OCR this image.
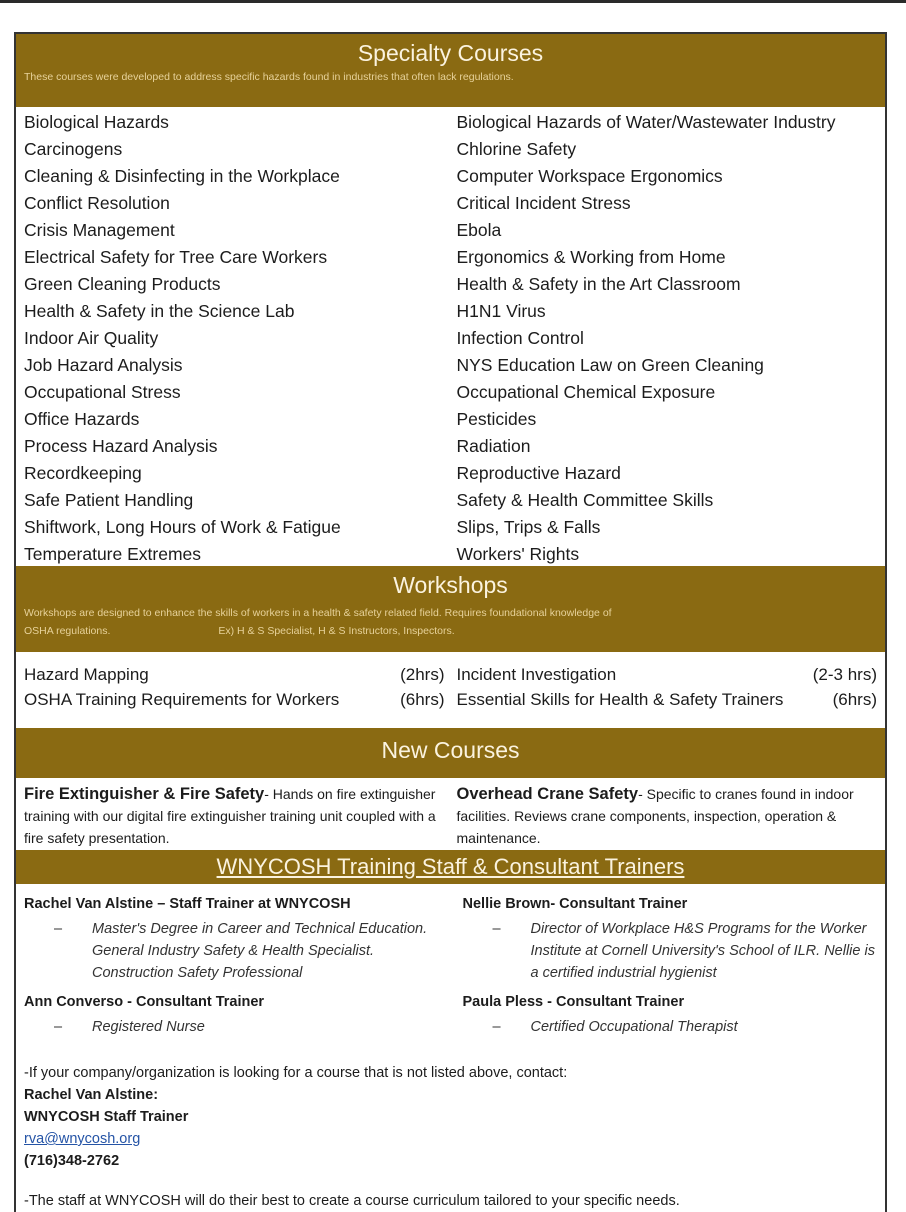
Specialty Courses
These courses were developed to address specific hazards found in industries that often lack regulations.
Biological Hazards
Carcinogens
Cleaning & Disinfecting in the Workplace
Conflict Resolution
Crisis Management
Electrical Safety for Tree Care Workers
Green Cleaning Products
Health & Safety in the Science Lab
Indoor Air Quality
Job Hazard Analysis
Occupational Stress
Office Hazards
Process Hazard Analysis
Recordkeeping
Safe Patient Handling
Shiftwork, Long Hours of Work & Fatigue
Temperature Extremes
Biological Hazards of Water/Wastewater Industry
Chlorine Safety
Computer Workspace Ergonomics
Critical Incident Stress
Ebola
Ergonomics & Working from Home
Health & Safety in the Art Classroom
H1N1 Virus
Infection Control
NYS Education Law on Green Cleaning
Occupational Chemical Exposure
Pesticides
Radiation
Reproductive Hazard
Safety & Health Committee Skills
Slips, Trips & Falls
Workers' Rights
Workshops
Workshops are designed to enhance the skills of workers in a health & safety related field. Requires foundational knowledge of
OSHA regulations.                                     Ex) H & S Specialist, H & S Instructors, Inspectors.
Hazard Mapping	(2hrs)
OSHA Training Requirements for Workers	(6hrs)
Incident Investigation	(2-3 hrs)
Essential Skills for Health & Safety Trainers	(6hrs)
New Courses
Fire Extinguisher & Fire Safety- Hands on fire extinguisher training with our digital fire extinguisher training unit coupled with a fire safety presentation.
Overhead Crane Safety- Specific to cranes found in indoor facilities. Reviews crane components, inspection, operation & maintenance.
WNYCOSH Training Staff & Consultant Trainers
Rachel Van Alstine – Staff Trainer at WNYCOSH
–	Master's Degree in Career and Technical Education. General Industry Safety & Health Specialist. Construction Safety Professional
Nellie Brown- Consultant Trainer
–	Director of Workplace H&S Programs for the Worker Institute at Cornell University's School of ILR. Nellie is a certified industrial hygienist
Ann Converso - Consultant Trainer
–	Registered Nurse
Paula Pless - Consultant Trainer
–	Certified Occupational Therapist
-If your company/organization is looking for a course that is not listed above, contact:
Rachel Van Alstine:
WNYCOSH Staff Trainer
rva@wnycosh.org
(716)348-2762
-The staff at WNYCOSH will do their best to create a course curriculum tailored to your specific needs.
